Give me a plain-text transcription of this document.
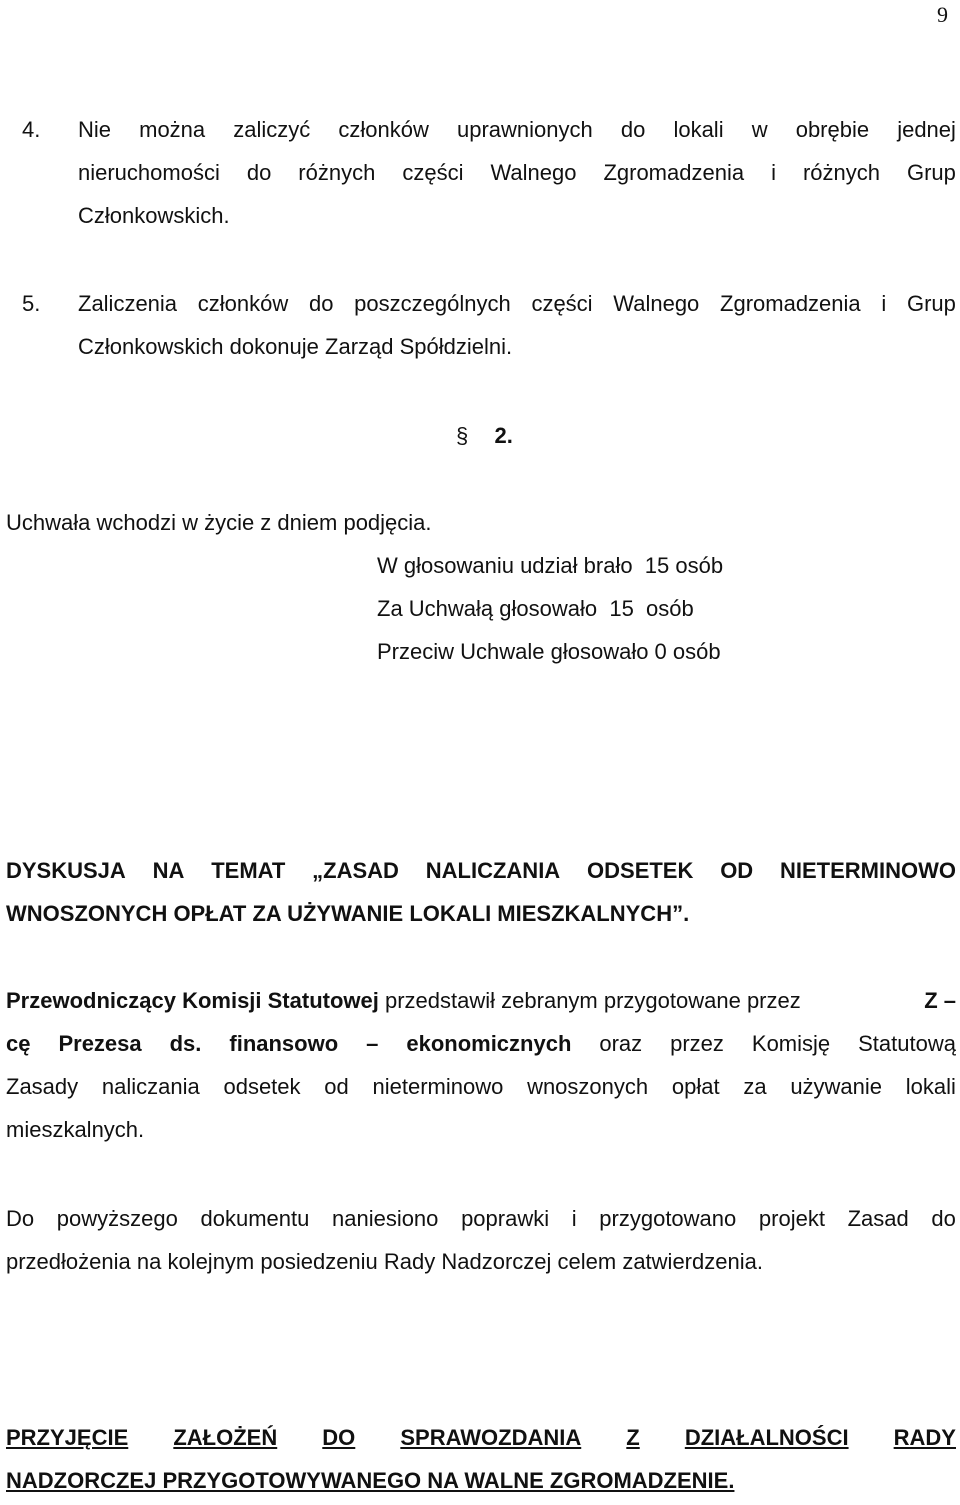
9
4. Nie można zaliczyć członków uprawnionych do lokali w obrębie jednej
nieruchomości do różnych części Walnego Zgromadzenia i różnych Grup
Członkowskich.
5. Zaliczenia członków do poszczególnych części Walnego Zgromadzenia i Grup
Członkowskich dokonuje Zarząd Spółdzielni.
§ 2.
Uchwała wchodzi w życie z dniem podjęcia.
W głosowaniu udział brało  15 osób
Za Uchwałą głosowało  15  osób
Przeciw Uchwale głosowało 0 osób
DYSKUSJA NA TEMAT „ZASAD NALICZANIA ODSETEK OD NIETERMINOWO
WNOSZONYCH OPŁAT ZA UŻYWANIE LOKALI MIESZKALNYCH”.
Przewodniczący Komisji Statutowej przedstawił zebranym przygotowane przez	Z –
cę Prezesa ds. finansowo – ekonomicznych oraz przez Komisję Statutową
Zasady naliczania odsetek od nieterminowo wnoszonych opłat za używanie lokali
mieszkalnych.
Do powyższego dokumentu naniesiono poprawki i przygotowano projekt Zasad do
przedłożenia na kolejnym posiedzeniu Rady Nadzorczej celem zatwierdzenia.
PRZYJĘCIE ZAŁOŻEŃ DO SPRAWOZDANIA Z DZIAŁALNOŚCI RADY
NADZORCZEJ PRZYGOTOWYWANEGO NA WALNE ZGROMADZENIE.
